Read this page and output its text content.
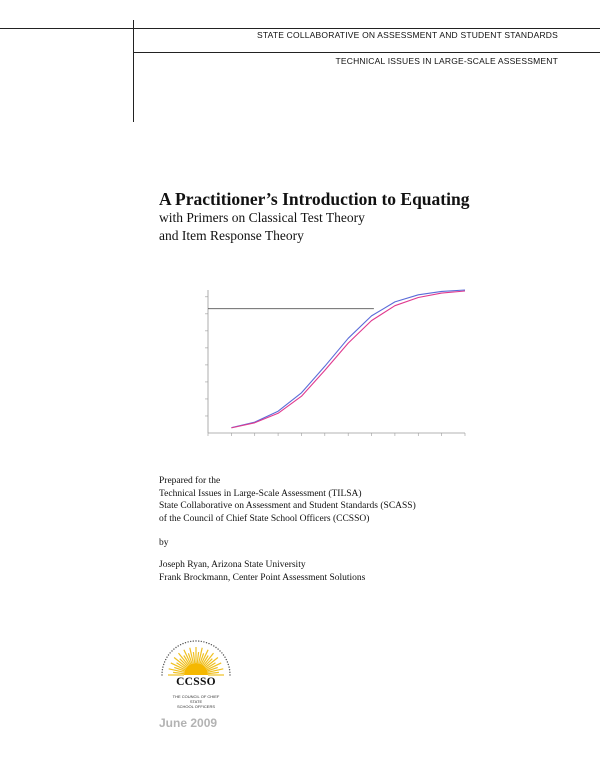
STATE COLLABORATIVE ON ASSESSMENT AND STUDENT STANDARDS
TECHNICAL ISSUES IN LARGE-SCALE ASSESSMENT
A Practitioner’s Introduction to Equating
with Primers on Classical Test Theory
and Item Response Theory
Prepared for the
Technical Issues in Large-Scale Assessment (TILSA)
State Collaborative on Assessment and Student Standards (SCASS)
of the Council of Chief State School Officers (CCSSO)
by
Joseph Ryan, Arizona State University
Frank Brockmann, Center Point Assessment Solutions
CCSSO
THE COUNCIL OF CHIEF STATE
SCHOOL OFFICERS
June 2009
